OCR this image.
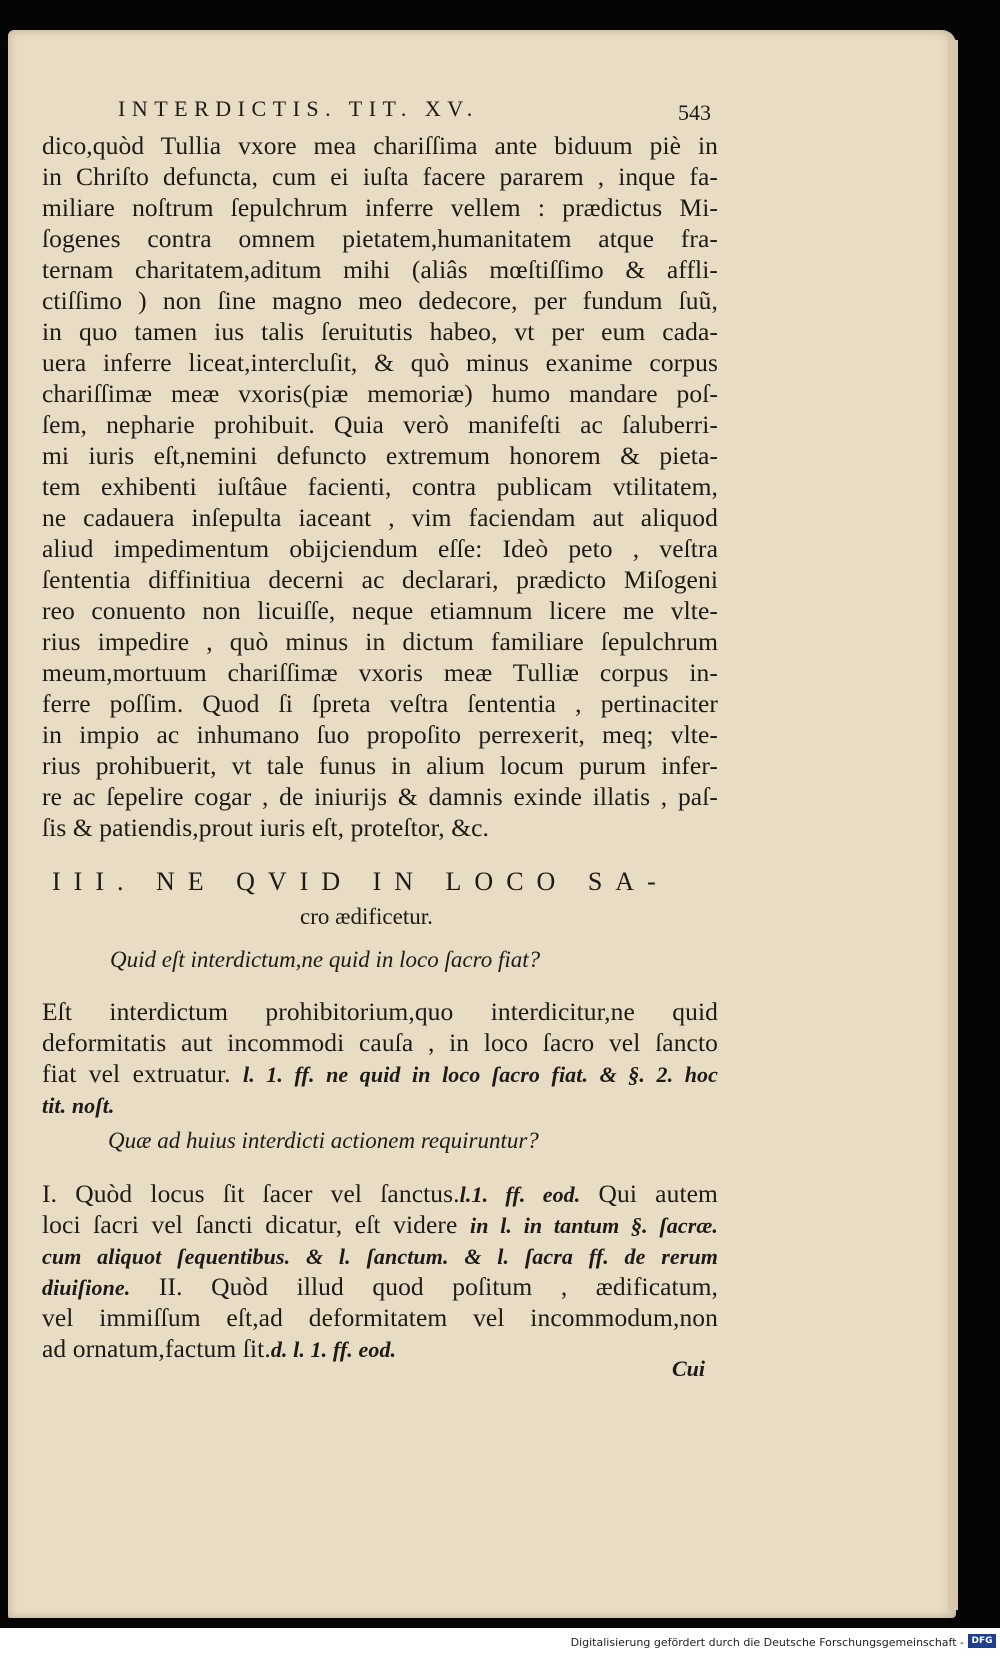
INTERDICTIS. TIT. XV.	543
dico,quòd Tullia vxore mea chariſſima ante biduum piè in
in Chriſto defuncta, cum ei iuſta facere pararem , inque fa-
miliare noſtrum ſepulchrum inferre vellem : prædictus Mi-
ſogenes contra omnem pietatem,humanitatem atque fra-
ternam charitatem,aditum mihi (aliâs mœſtiſſimo & affli-
ctiſſimo ) non ſine magno meo dedecore, per fundum ſuũ,
in quo tamen ius talis ſeruitutis habeo, vt per eum cada-
uera inferre liceat,intercluſit, & quò minus exanime corpus
chariſſimæ meæ vxoris(piæ memoriæ) humo mandare poſ-
ſem, nepharie prohibuit. Quia verò manifeſti ac ſaluberri-
mi iuris eſt,nemini defuncto extremum honorem & pieta-
tem exhibenti iuſtâue facienti, contra publicam vtilitatem,
ne cadauera inſepulta iaceant , vim faciendam aut aliquod
aliud impedimentum obijciendum eſſe: Ideò peto , veſtra
ſententia diffinitiua decerni ac declarari, prædicto Miſogeni
reo conuento non licuiſſe, neque etiamnum licere me vlte-
rius impedire , quò minus in dictum familiare ſepulchrum
meum,mortuum chariſſimæ vxoris meæ Tulliæ corpus in-
ferre poſſim. Quod ſi ſpreta veſtra ſententia , pertinaciter
in impio ac inhumano ſuo propoſito perrexerit, meq; vlte-
rius prohibuerit, vt tale funus in alium locum purum infer-
re ac ſepelire cogar , de iniurijs & damnis exinde illatis , paſ-
ſis & patiendis,prout iuris eſt, proteſtor, &c.
III. NE QVID IN LOCO SA-
cro ædificetur.
Quid eſt interdictum,ne quid in loco ſacro fiat?
Eſt interdictum prohibitorium,quo interdicitur,ne quid
deformitatis aut incommodi cauſa , in loco ſacro vel ſancto
fiat vel extruatur. l. 1. ff. ne quid in loco ſacro fiat. & §. 2. hoc
tit. noſt.
Quæ ad huius interdicti actionem requiruntur?
I. Quòd locus ſit ſacer vel ſanctus.l.1. ff. eod. Qui autem
loci ſacri vel ſancti dicatur, eſt videre in l. in tantum §. ſacræ.
cum aliquot ſequentibus. & l. ſanctum. & l. ſacra ff. de rerum
diuiſione. II. Quòd illud quod poſitum , ædificatum,
vel immiſſum eſt,ad deformitatem vel incommodum,non
ad ornatum,factum ſit.d. l. 1. ff. eod.
Cui
Digitalisierung gefördert durch die Deutsche Forschungsgemeinschaft - DFG
